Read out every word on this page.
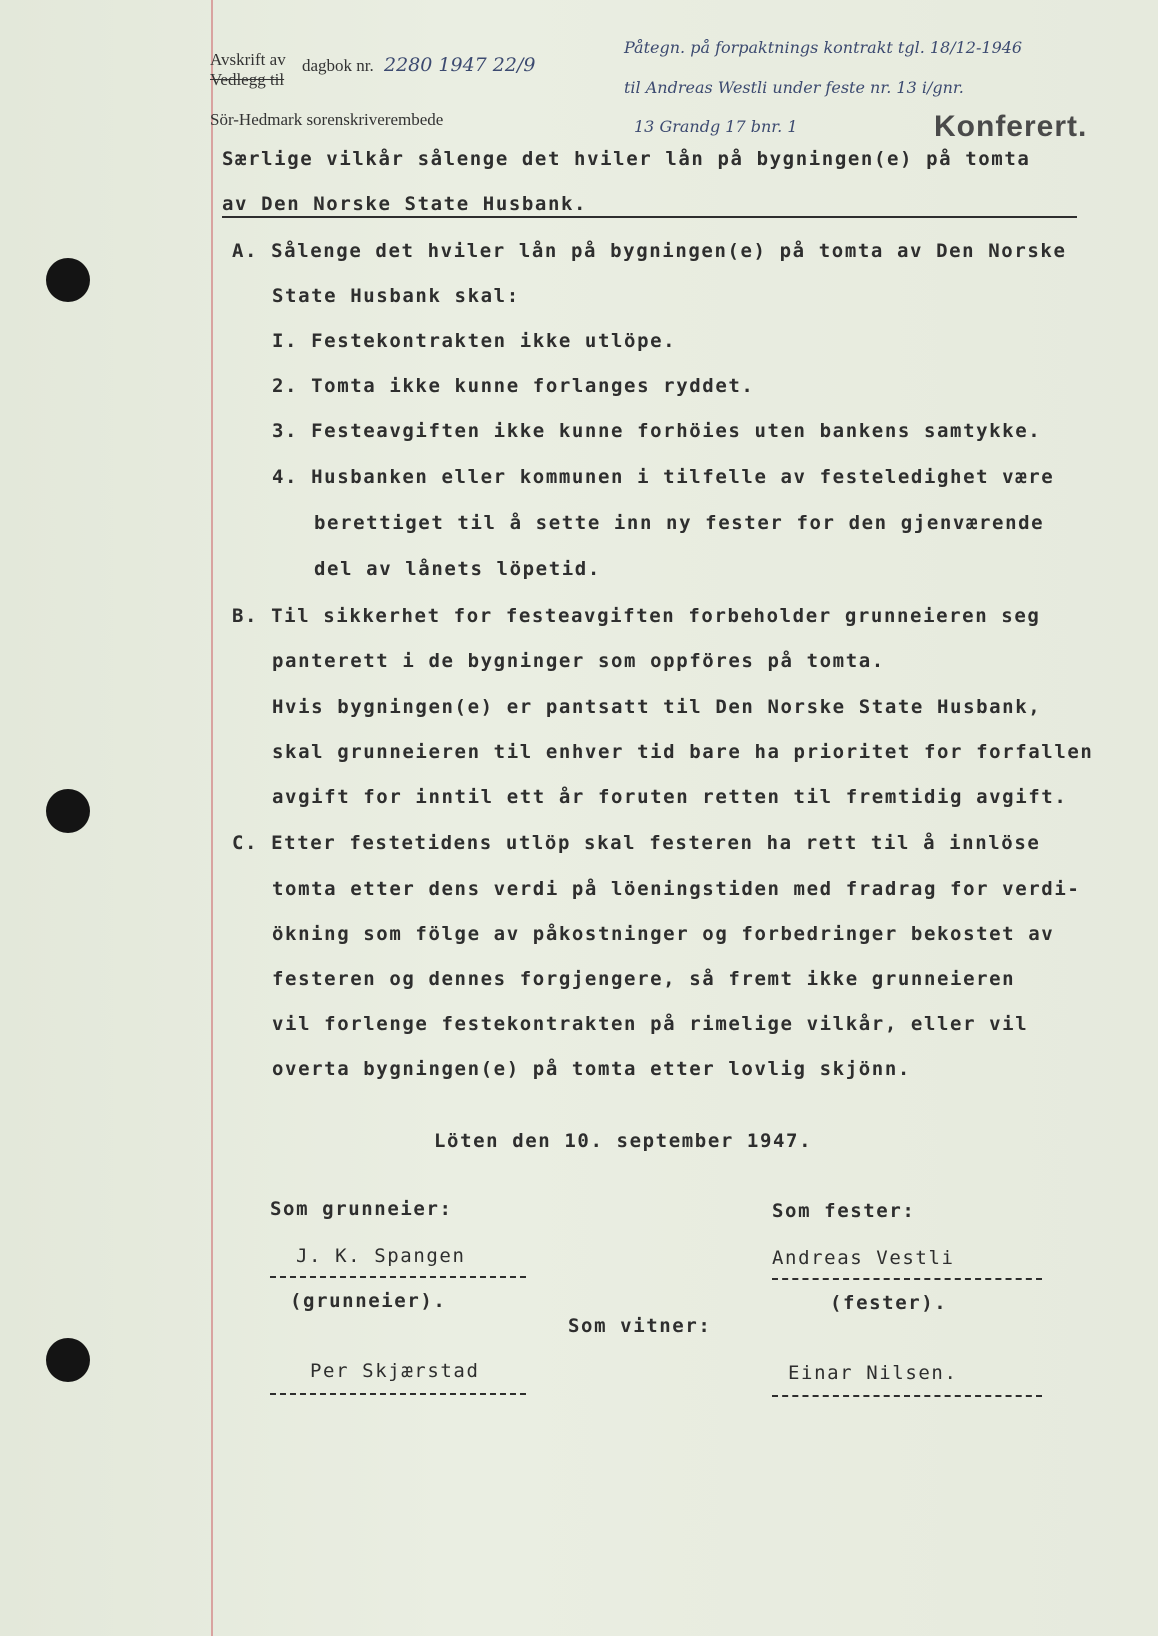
Avskrift av dagbok nr.
Vedlegg til
Sör-Hedmark sorenskriverembede
2280 1947 22/9
Påtegn. på forpaktnings kontrakt tgl. 18/12-1946
til Andreas Westli under feste nr. 13 i/gnr.
13 Grandg 17 bnr. 1	Konferert.
Særlige vilkår sålenge det hviler lån på bygningen(e) på tomta
av Den Norske State Husbank.
A. Sålenge det hviler lån på bygningen(e) på tomta av Den Norske
State Husbank skal:
I. Festekontrakten ikke utlöpe.
2. Tomta ikke kunne forlanges ryddet.
3. Festeavgiften ikke kunne forhöies uten bankens samtykke.
4. Husbanken eller kommunen i tilfelle av festeledighet være
berettiget til å sette inn ny fester for den gjenværende
del av lånets löpetid.
B. Til sikkerhet for festeavgiften forbeholder grunneieren seg
panterett i de bygninger som oppföres på tomta.
Hvis bygningen(e) er pantsatt til Den Norske State Husbank,
skal grunneieren til enhver tid bare ha prioritet for forfallen
avgift for inntil ett år foruten retten til fremtidig avgift.
C. Etter festetidens utlöp skal festeren ha rett til å innlöse
tomta etter dens verdi på löeningstiden med fradrag for verdi-
ökning som fölge av påkostninger og forbedringer bekostet av
festeren og dennes forgjengere, så fremt ikke grunneieren
vil forlenge festekontrakten på rimelige vilkår, eller vil
overta bygningen(e) på tomta etter lovlig skjönn.
Löten den 10. september 1947.
Som grunneier:	Som fester:
J. K. Spangen	Andreas Vestli
(grunneier).	(fester).
Som vitner:
Per Skjærstad	Einar Nilsen.
